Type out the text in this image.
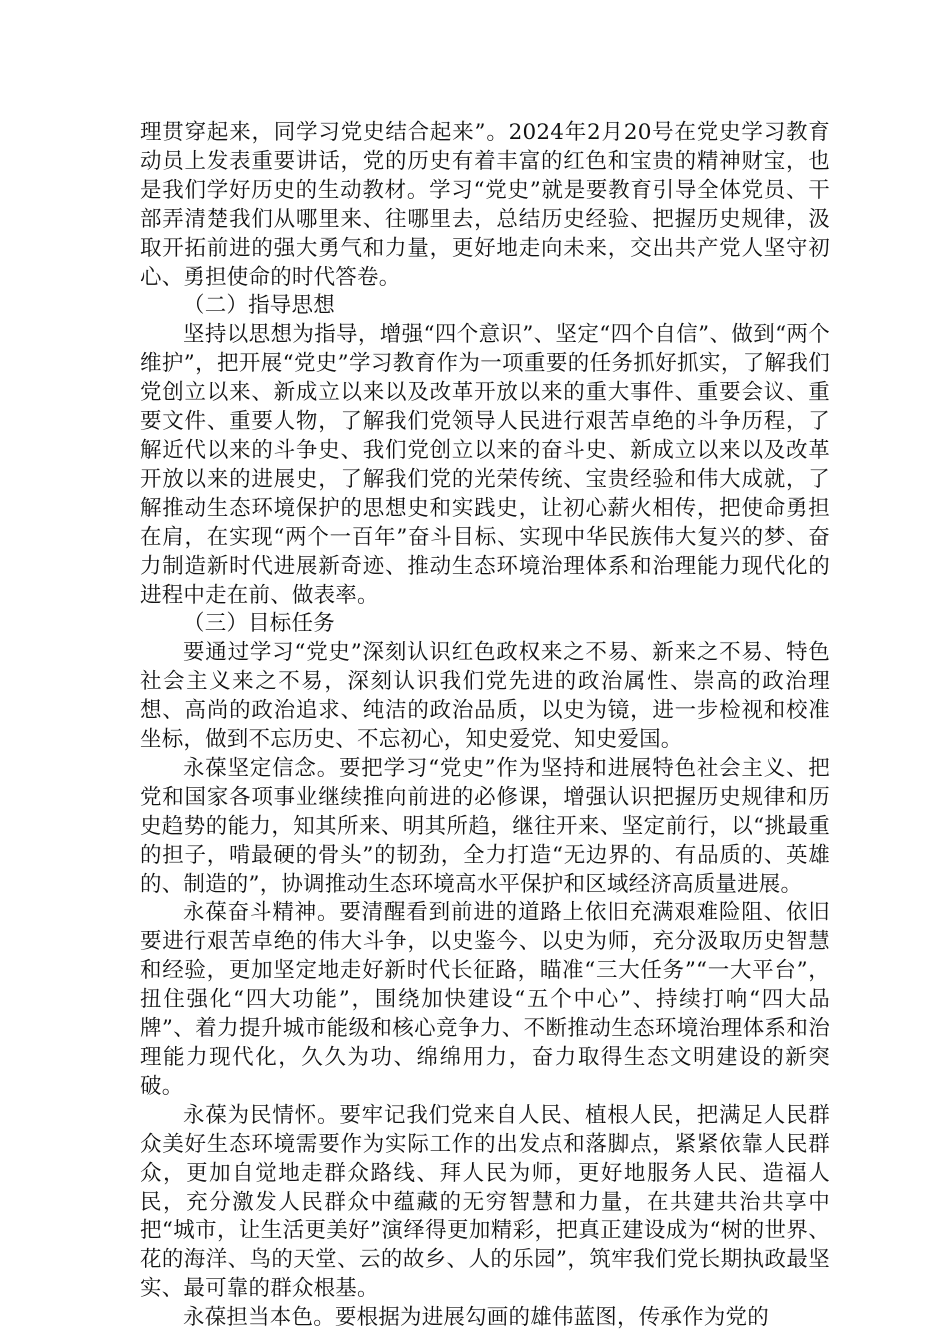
理贯穿起来，同学习党史结合起来”。2024年2月20号在党史学习教育动员上发表重要讲话，党的历史有着丰富的红色和宝贵的精神财宝，也是我们学好历史的生动教材。学习“党史”就是要教育引导全体党员、干部弄清楚我们从哪里来、往哪里去，总结历史经验、把握历史规律，汲取开拓前进的强大勇气和力量，更好地走向未来，交出共产党人坚守初心、勇担使命的时代答卷。

（二）指导思想

坚持以思想为指导，增强“四个意识”、坚定“四个自信”、做到“两个维护”，把开展“党史”学习教育作为一项重要的任务抓好抓实，了解我们党创立以来、新成立以来以及改革开放以来的重大事件、重要会议、重要文件、重要人物，了解我们党领导人民进行艰苦卓绝的斗争历程，了解近代以来的斗争史、我们党创立以来的奋斗史、新成立以来以及改革开放以来的进展史，了解我们党的光荣传统、宝贵经验和伟大成就，了解推动生态环境保护的思想史和实践史，让初心薪火相传，把使命勇担在肩，在实现“两个一百年”奋斗目标、实现中华民族伟大复兴的梦、奋力制造新时代进展新奇迹、推动生态环境治理体系和治理能力现代化的进程中走在前、做表率。

（三）目标任务

要通过学习“党史”深刻认识红色政权来之不易、新来之不易、特色社会主义来之不易，深刻认识我们党先进的政治属性、崇高的政治理想、高尚的政治追求、纯洁的政治品质，以史为镜，进一步检视和校准坐标，做到不忘历史、不忘初心，知史爱党、知史爱国。

永葆坚定信念。要把学习“党史”作为坚持和进展特色社会主义、把党和国家各项事业继续推向前进的必修课，增强认识把握历史规律和历史趋势的能力，知其所来、明其所趋，继往开来、坚定前行，以“挑最重的担子，啃最硬的骨头”的韧劲，全力打造“无边界的、有品质的、英雄的、制造的”，协调推动生态环境高水平保护和区域经济高质量进展。

永葆奋斗精神。要清醒看到前进的道路上依旧充满艰难险阻、依旧要进行艰苦卓绝的伟大斗争，以史鉴今、以史为师，充分汲取历史智慧和经验，更加坚定地走好新时代长征路，瞄准“三大任务”“一大平台”，扭住强化“四大功能”，围绕加快建设“五个中心”、持续打响“四大品牌”、着力提升城市能级和核心竞争力、不断推动生态环境治理体系和治理能力现代化，久久为功、绵绵用力，奋力取得生态文明建设的新突破。

永葆为民情怀。要牢记我们党来自人民、植根人民，把满足人民群众美好生态环境需要作为实际工作的出发点和落脚点，紧紧依靠人民群众，更加自觉地走群众路线、拜人民为师，更好地服务人民、造福人民，充分激发人民群众中蕴藏的无穷智慧和力量，在共建共治共享中把“城市，让生活更美好”演绎得更加精彩，把真正建设成为“树的世界、花的海洋、鸟的天堂、云的故乡、人的乐园”，筑牢我们党长期执政最坚实、最可靠的群众根基。

永葆担当本色。要根据为进展勾画的雄伟蓝图，传承作为党的
